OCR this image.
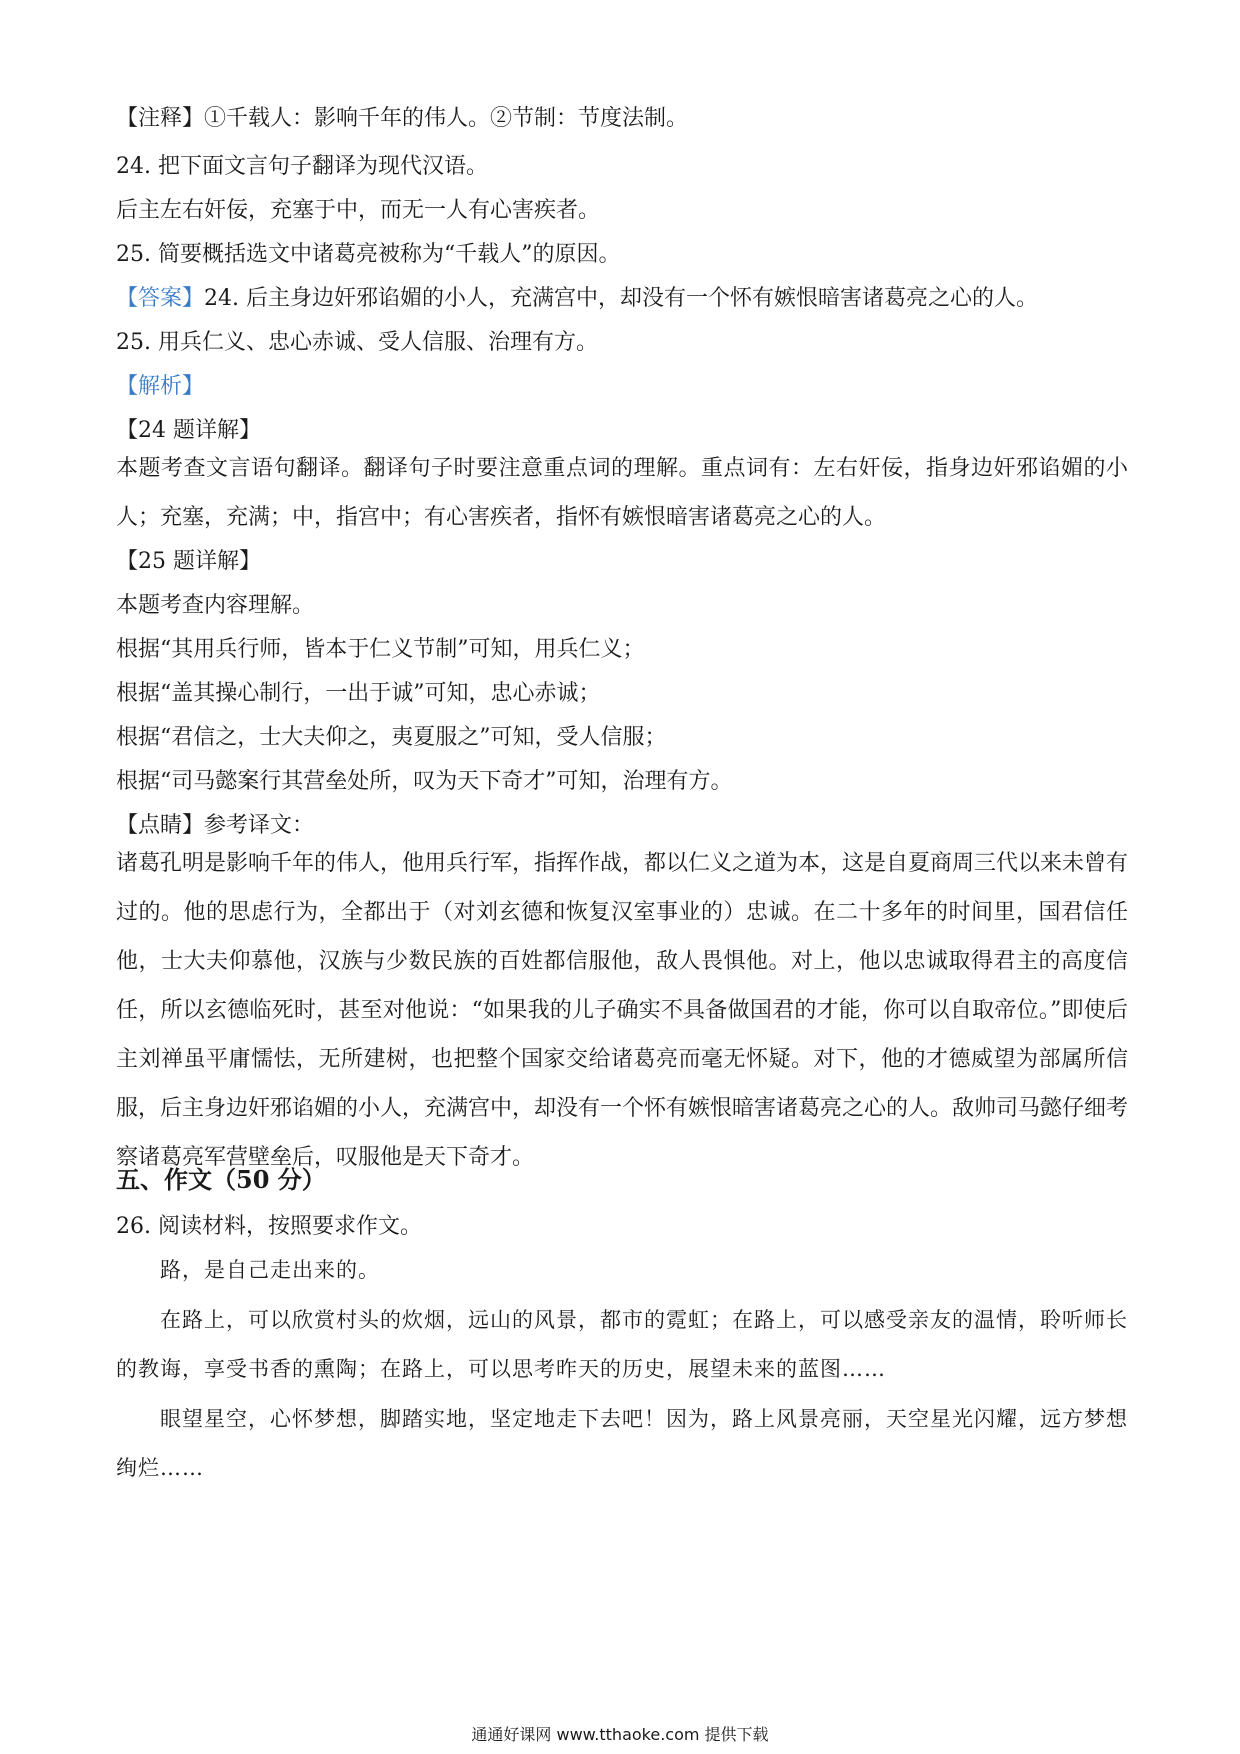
【注释】①千载人：影响千年的伟人。②节制：节度法制。
24. 把下面文言句子翻译为现代汉语。
后主左右奸佞，充塞于中，而无一人有心害疾者。
25. 简要概括选文中诸葛亮被称为“千载人”的原因。
【答案】24. 后主身边奸邪谄媚的小人，充满宫中，却没有一个怀有嫉恨暗害诸葛亮之心的人。
25. 用兵仁义、忠心赤诚、受人信服、治理有方。
【解析】
【24 题详解】
本题考查文言语句翻译。翻译句子时要注意重点词的理解。重点词有：左右奸佞，指身边奸邪谄媚的小人；充塞，充满；中，指宫中；有心害疾者，指怀有嫉恨暗害诸葛亮之心的人。
【25 题详解】
本题考查内容理解。
根据“其用兵行师，皆本于仁义节制”可知，用兵仁义；
根据“盖其操心制行，一出于诚”可知，忠心赤诚；
根据“君信之，士大夫仰之，夷夏服之”可知，受人信服；
根据“司马懿案行其营垒处所，叹为天下奇才”可知，治理有方。
【点睛】参考译文：
诸葛孔明是影响千年的伟人，他用兵行军，指挥作战，都以仁义之道为本，这是自夏商周三代以来未曾有过的。他的思虑行为，全都出于（对刘玄德和恢复汉室事业的）忠诚。在二十多年的时间里，国君信任他，士大夫仰慕他，汉族与少数民族的百姓都信服他，敌人畏惧他。对上，他以忠诚取得君主的高度信任，所以玄德临死时，甚至对他说：“如果我的儿子确实不具备做国君的才能，你可以自取帝位。”即使后主刘禅虽平庸懦怯，无所建树，也把整个国家交给诸葛亮而毫无怀疑。对下，他的才德威望为部属所信服，后主身边奸邪谄媚的小人，充满宫中，却没有一个怀有嫉恨暗害诸葛亮之心的人。敌帅司马懿仔细考察诸葛亮军营壁垒后，叹服他是天下奇才。
五、作文（50 分）
26. 阅读材料，按照要求作文。
路，是自己走出来的。
在路上，可以欣赏村头的炊烟，远山的风景，都市的霓虹；在路上，可以感受亲友的温情，聆听师长的教诲，享受书香的熏陶；在路上，可以思考昨天的历史，展望未来的蓝图……
眼望星空，心怀梦想，脚踏实地，坚定地走下去吧！因为，路上风景亮丽，天空星光闪耀，远方梦想绚烂……
通通好课网 www.tthaoke.com 提供下载
